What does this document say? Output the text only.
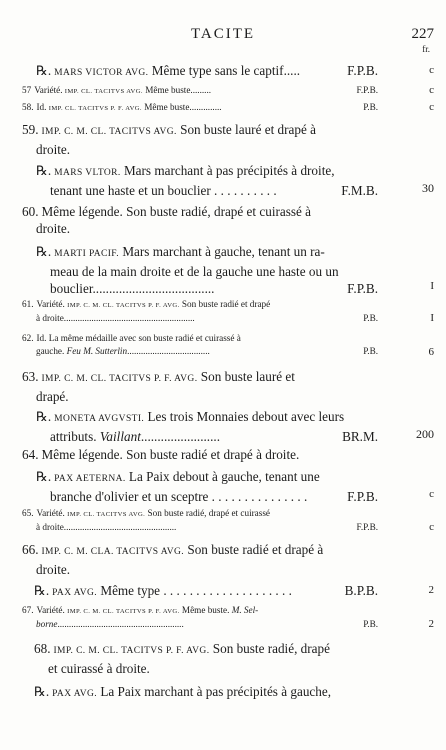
TACITE	227
fr.

℞. MARS VICTOR AVG. Même type sans le captif.....	F.P.B.	c

57 Variété. IMP. CL. TACITVS AVG. Même buste.........	F.P.B.	c

58. Id. IMP. CL. TACITVS P. F. AVG. Même buste..............	P.B.	c

59. IMP. C. M. CL. TACITVS AVG. Son buste lauré et drapé à
droite.

℞. MARS VLTOR. Mars marchant à pas précipités à droite,
tenant une haste et un bouclier . . . . . . . . . .	F.M.B.	30

60. Même légende. Son buste radié, drapé et cuirassé à
droite.

℞. MARTI PACIF. Mars marchant à gauche, tenant un ra-
meau de la main droite et de la gauche une haste ou un
bouclier.....................................	F.P.B.	I

61. Variété. IMP. C. M. CL. TACITVS P. F. AVG. Son buste radié et drapé
à droite.........................................................	P.B.	I

62. Id. La même médaille avec son buste radié et cuirassé à
gauche. Feu M. Sutterlin....................................	P.B.	6

63. IMP. C. M. CL. TACITVS P. F. AVG. Son buste lauré et
drapé.

℞. MONETA AVGVSTI. Les trois Monnaies debout avec leurs
attributs. Vaillant........................	BR.M.	200

64. Même légende. Son buste radié et drapé à droite.

℞. PAX AETERNA. La Paix debout à gauche, tenant une
branche d'olivier et un sceptre . . . . . . . . . . . . . . .	F.P.B.	c

65. Variété. IMP. CL. TACITVS AVG. Son buste radié, drapé et cuirassé
à droite.................................................	F.P.B.	c

66. IMP. C. M. CLA. TACITVS AVG. Son buste radié et drapé à
droite.

℞. PAX AVG. Même type . . . . . . . . . . . . . . . . . . . .	B.P.B.	2

67. Variété. IMP. C. M. CL. TACITVS P. F. AVG. Même buste. M. Sel-
borne.......................................................	P.B.	2

68. IMP. C. M. CL. TACITVS P. F. AVG. Son buste radié, drapé
et cuirassé à droite.

℞. PAX AVG. La Paix marchant à pas précipités à gauche,
